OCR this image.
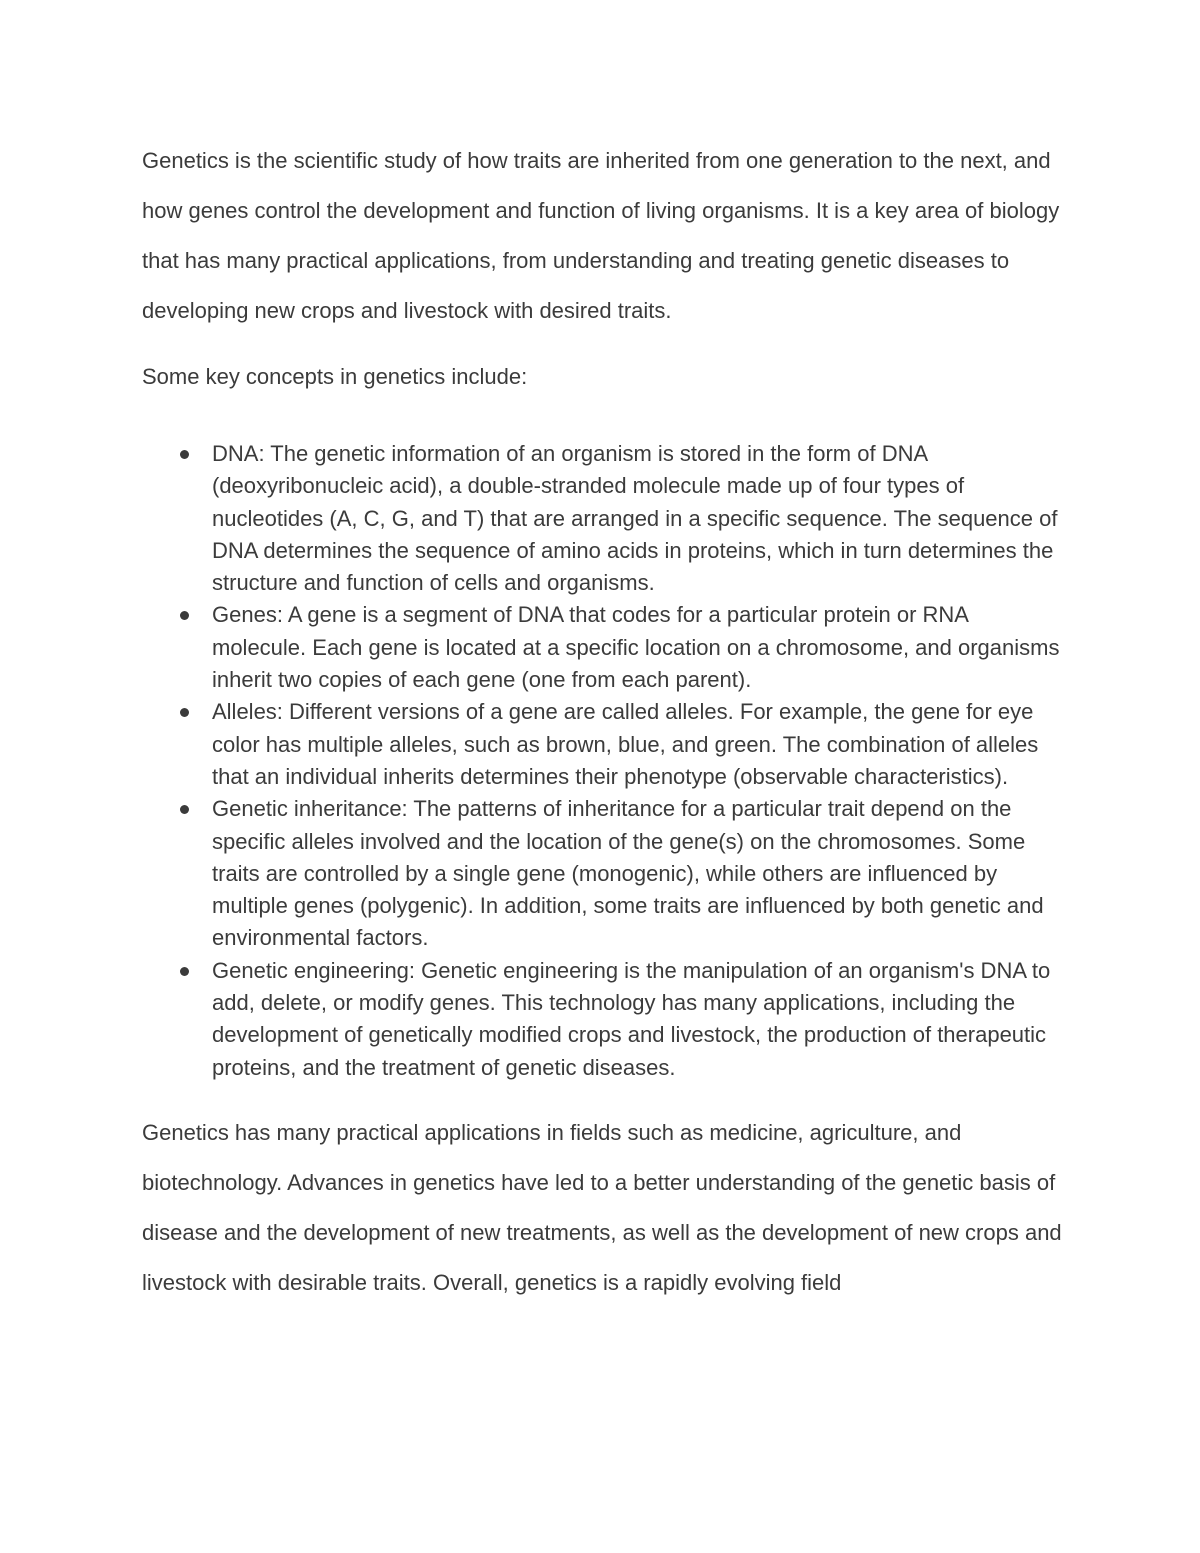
Genetics is the scientific study of how traits are inherited from one generation to the next, and how genes control the development and function of living organisms. It is a key area of biology that has many practical applications, from understanding and treating genetic diseases to developing new crops and livestock with desired traits.

Some key concepts in genetics include:

DNA: The genetic information of an organism is stored in the form of DNA (deoxyribonucleic acid), a double-stranded molecule made up of four types of nucleotides (A, C, G, and T) that are arranged in a specific sequence. The sequence of DNA determines the sequence of amino acids in proteins, which in turn determines the structure and function of cells and organisms.
Genes: A gene is a segment of DNA that codes for a particular protein or RNA molecule. Each gene is located at a specific location on a chromosome, and organisms inherit two copies of each gene (one from each parent).
Alleles: Different versions of a gene are called alleles. For example, the gene for eye color has multiple alleles, such as brown, blue, and green. The combination of alleles that an individual inherits determines their phenotype (observable characteristics).
Genetic inheritance: The patterns of inheritance for a particular trait depend on the specific alleles involved and the location of the gene(s) on the chromosomes. Some traits are controlled by a single gene (monogenic), while others are influenced by multiple genes (polygenic). In addition, some traits are influenced by both genetic and environmental factors.
Genetic engineering: Genetic engineering is the manipulation of an organism's DNA to add, delete, or modify genes. This technology has many applications, including the development of genetically modified crops and livestock, the production of therapeutic proteins, and the treatment of genetic diseases.

Genetics has many practical applications in fields such as medicine, agriculture, and biotechnology. Advances in genetics have led to a better understanding of the genetic basis of disease and the development of new treatments, as well as the development of new crops and livestock with desirable traits. Overall, genetics is a rapidly evolving field
